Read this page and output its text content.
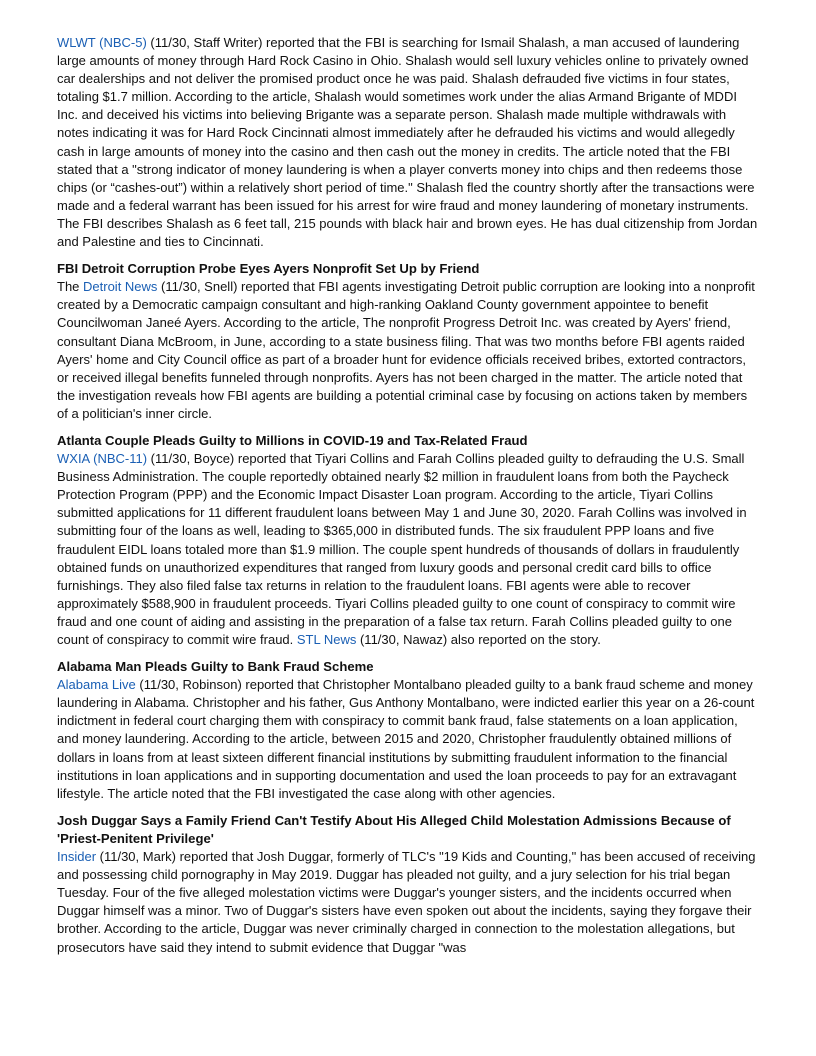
WLWT (NBC-5) (11/30, Staff Writer) reported that the FBI is searching for Ismail Shalash, a man accused of laundering large amounts of money through Hard Rock Casino in Ohio. Shalash would sell luxury vehicles online to privately owned car dealerships and not deliver the promised product once he was paid. Shalash defrauded five victims in four states, totaling $1.7 million. According to the article, Shalash would sometimes work under the alias Armand Brigante of MDDI Inc. and deceived his victims into believing Brigante was a separate person. Shalash made multiple withdrawals with notes indicating it was for Hard Rock Cincinnati almost immediately after he defrauded his victims and would allegedly cash in large amounts of money into the casino and then cash out the money in credits. The article noted that the FBI stated that a "strong indicator of money laundering is when a player converts money into chips and then redeems those chips (or “cashes-out”) within a relatively short period of time." Shalash fled the country shortly after the transactions were made and a federal warrant has been issued for his arrest for wire fraud and money laundering of monetary instruments. The FBI describes Shalash as 6 feet tall, 215 pounds with black hair and brown eyes. He has dual citizenship from Jordan and Palestine and ties to Cincinnati.

FBI Detroit Corruption Probe Eyes Ayers Nonprofit Set Up by Friend

The Detroit News (11/30, Snell) reported that FBI agents investigating Detroit public corruption are looking into a nonprofit created by a Democratic campaign consultant and high-ranking Oakland County government appointee to benefit Councilwoman Janeé Ayers. According to the article, The nonprofit Progress Detroit Inc. was created by Ayers' friend, consultant Diana McBroom, in June, according to a state business filing. That was two months before FBI agents raided Ayers' home and City Council office as part of a broader hunt for evidence officials received bribes, extorted contractors, or received illegal benefits funneled through nonprofits. Ayers has not been charged in the matter. The article noted that the investigation reveals how FBI agents are building a potential criminal case by focusing on actions taken by members of a politician's inner circle.

Atlanta Couple Pleads Guilty to Millions in COVID-19 and Tax-Related Fraud

WXIA (NBC-11) (11/30, Boyce) reported that Tiyari Collins and Farah Collins pleaded guilty to defrauding the U.S. Small Business Administration. The couple reportedly obtained nearly $2 million in fraudulent loans from both the Paycheck Protection Program (PPP) and the Economic Impact Disaster Loan program. According to the article, Tiyari Collins submitted applications for 11 different fraudulent loans between May 1 and June 30, 2020. Farah Collins was involved in submitting four of the loans as well, leading to $365,000 in distributed funds. The six fraudulent PPP loans and five fraudulent EIDL loans totaled more than $1.9 million. The couple spent hundreds of thousands of dollars in fraudulently obtained funds on unauthorized expenditures that ranged from luxury goods and personal credit card bills to office furnishings. They also filed false tax returns in relation to the fraudulent loans. FBI agents were able to recover approximately $588,900 in fraudulent proceeds. Tiyari Collins pleaded guilty to one count of conspiracy to commit wire fraud and one count of aiding and assisting in the preparation of a false tax return. Farah Collins pleaded guilty to one count of conspiracy to commit wire fraud. STL News (11/30, Nawaz) also reported on the story.

Alabama Man Pleads Guilty to Bank Fraud Scheme

Alabama Live (11/30, Robinson) reported that Christopher Montalbano pleaded guilty to a bank fraud scheme and money laundering in Alabama. Christopher and his father, Gus Anthony Montalbano, were indicted earlier this year on a 26-count indictment in federal court charging them with conspiracy to commit bank fraud, false statements on a loan application, and money laundering. According to the article, between 2015 and 2020, Christopher fraudulently obtained millions of dollars in loans from at least sixteen different financial institutions by submitting fraudulent information to the financial institutions in loan applications and in supporting documentation and used the loan proceeds to pay for an extravagant lifestyle. The article noted that the FBI investigated the case along with other agencies.

Josh Duggar Says a Family Friend Can't Testify About His Alleged Child Molestation Admissions Because of 'Priest-Penitent Privilege'

Insider (11/30, Mark) reported that Josh Duggar, formerly of TLC's "19 Kids and Counting," has been accused of receiving and possessing child pornography in May 2019. Duggar has pleaded not guilty, and a jury selection for his trial began Tuesday. Four of the five alleged molestation victims were Duggar's younger sisters, and the incidents occurred when Duggar himself was a minor. Two of Duggar's sisters have even spoken out about the incidents, saying they forgave their brother. According to the article, Duggar was never criminally charged in connection to the molestation allegations, but prosecutors have said they intend to submit evidence that Duggar "was
